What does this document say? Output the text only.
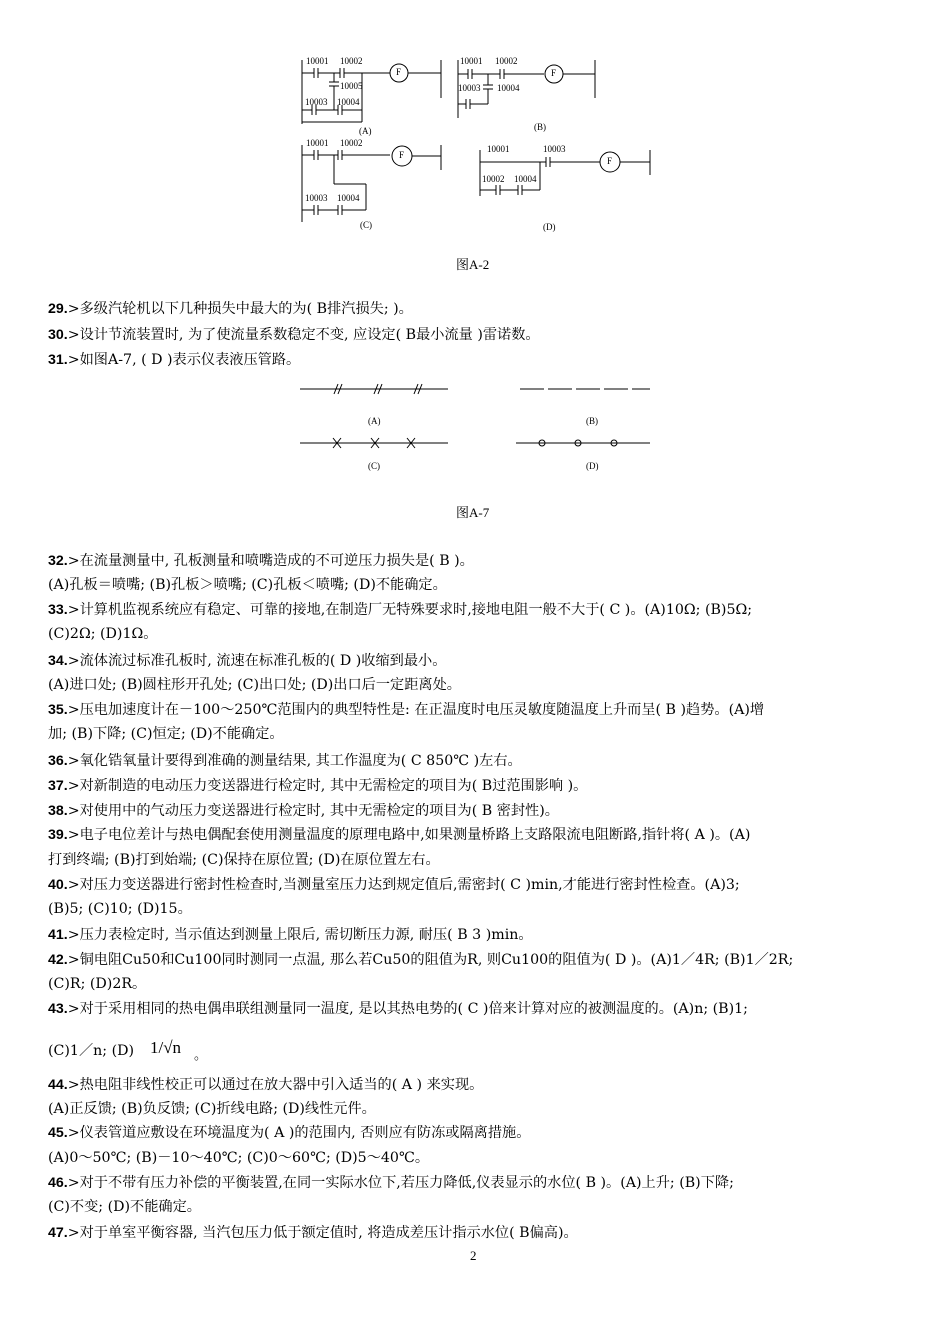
10001 10002
10005
10003 10004
F
(A)
10001 10002
10003 10004
F
(B)
10001 10002
10003 10004
F
(C)
10001	10003
10002 10004
F
(D)
图A-2
(A)	(B)
(C)	(D)
图A-7
29.>多级汽轮机以下几种损失中最大的为( B排汽损失; )。
30.>设计节流装置时, 为了使流量系数稳定不变, 应设定( B最小流量 )雷诺数。
31.>如图A-7, ( D )表示仪表液压管路。
32.>在流量测量中, 孔板测量和喷嘴造成的不可逆压力损失是( B )。
(A)孔板＝喷嘴; (B)孔板＞喷嘴; (C)孔板＜喷嘴; (D)不能确定。
33.>计算机监视系统应有稳定、可靠的接地,在制造厂无特殊要求时,接地电阻一般不大于( C )。(A)10Ω; (B)5Ω;
(C)2Ω; (D)1Ω。
34.>流体流过标准孔板时, 流速在标准孔板的( D )收缩到最小。
(A)进口处; (B)圆柱形开孔处; (C)出口处; (D)出口后一定距离处。
35.>压电加速度计在－100～250℃范围内的典型特性是: 在正温度时电压灵敏度随温度上升而呈( B )趋势。(A)增
加; (B)下降; (C)恒定; (D)不能确定。
36.>氧化锆氧量计要得到准确的测量结果, 其工作温度为( C 850℃ )左右。
37.>对新制造的电动压力变送器进行检定时, 其中无需检定的项目为( B过范围影响 )。
38.>对使用中的气动压力变送器进行检定时, 其中无需检定的项目为( B 密封性)。
39.>电子电位差计与热电偶配套使用测量温度的原理电路中,如果测量桥路上支路限流电阻断路,指针将( A )。(A)
打到终端; (B)打到始端; (C)保持在原位置; (D)在原位置左右。
40.>对压力变送器进行密封性检查时,当测量室压力达到规定值后,需密封( C )min,才能进行密封性检查。(A)3;
(B)5; (C)10; (D)15。
41.>压力表检定时, 当示值达到测量上限后, 需切断压力源, 耐压( B 3 )min。
42.>铜电阻Cu50和Cu100同时测同一点温, 那么若Cu50的阻值为R, 则Cu100的阻值为( D )。(A)1／4R; (B)1／2R;
(C)R; (D)2R。
43.>对于采用相同的热电偶串联组测量同一温度, 是以其热电势的( C )倍来计算对应的被测温度的。(A)n; (B)1;
(C)1／n; (D)
44.>热电阻非线性校正可以通过在放大器中引入适当的( A ) 来实现。
(A)正反馈; (B)负反馈; (C)折线电路; (D)线性元件。
45.>仪表管道应敷设在环境温度为( A )的范围内, 否则应有防冻或隔离措施。
(A)0～50℃; (B)－10～40℃; (C)0～60℃; (D)5～40℃。
46.>对于不带有压力补偿的平衡装置,在同一实际水位下,若压力降低,仪表显示的水位( B )。(A)上升; (B)下降;
(C)不变; (D)不能确定。
47.>对于单室平衡容器, 当汽包压力低于额定值时, 将造成差压计指示水位( B偏高)。
1/√n 。
2
